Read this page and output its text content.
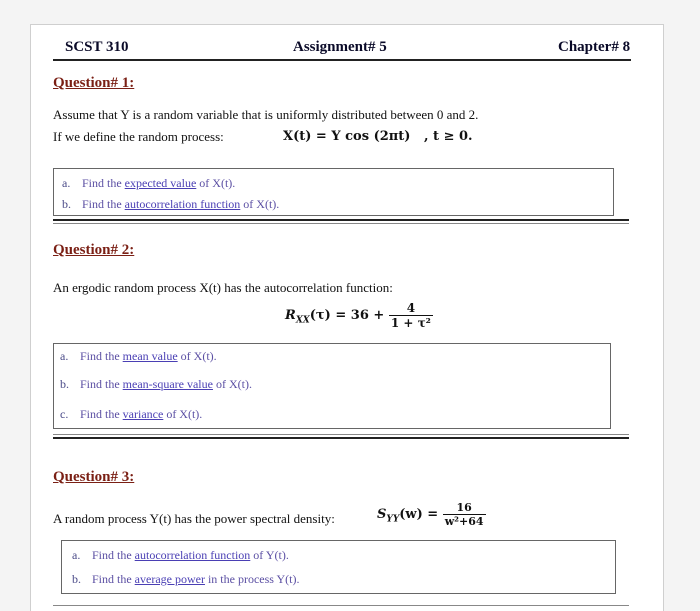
SCST 310	Assignment# 5	Chapter# 8
Question# 1:
Assume that Y is a random variable that is uniformly distributed between 0 and 2.
If we define the random process:	X(t) = Y cos (2πt) , t ≥ 0.
a. Find the expected value of X(t).
b. Find the autocorrelation function of X(t).
Question# 2:
An ergodic random process X(t) has the autocorrelation function:
$R_{XX}(\tau) = 36 + \frac{4}{\text{1 + τ²}}$
a. Find the mean value of X(t).
b. Find the mean-square value of X(t).
c. Find the variance of X(t).
Question# 3:
A random process Y(t) has the power spectral density:	$S_{YY}(w) = \frac{16}{\text{w²+64}}$
a. Find the autocorrelation function of Y(t).
b. Find the average power in the process Y(t).
